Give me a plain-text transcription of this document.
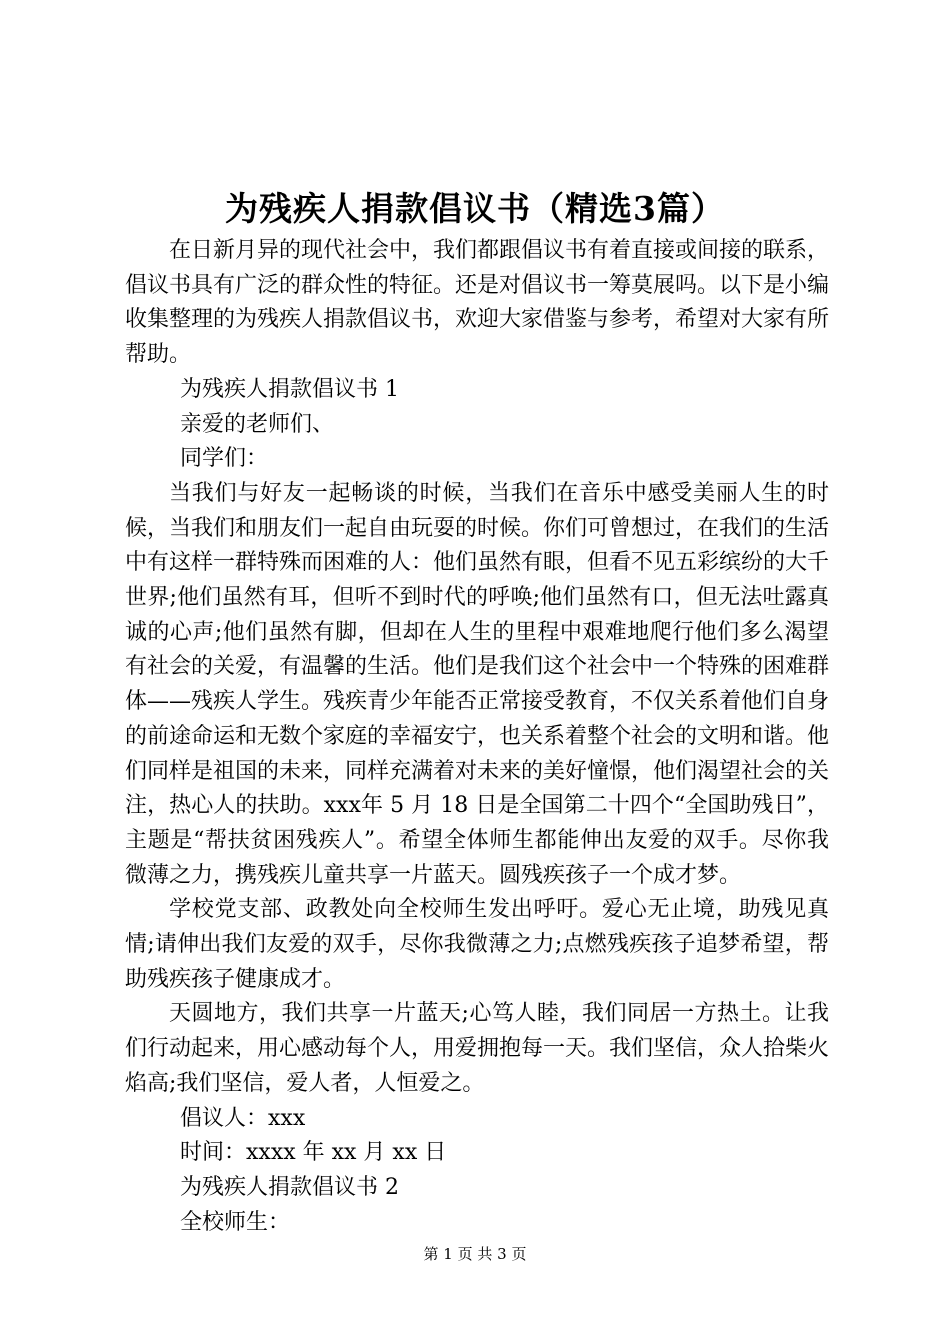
为残疾人捐款倡议书（精选3篇）

在日新月异的现代社会中，我们都跟倡议书有着直接或间接的联系，倡议书具有广泛的群众性的特征。还是对倡议书一筹莫展吗。以下是小编收集整理的为残疾人捐款倡议书，欢迎大家借鉴与参考，希望对大家有所帮助。

为残疾人捐款倡议书 1

亲爱的老师们、

同学们：

当我们与好友一起畅谈的时候，当我们在音乐中感受美丽人生的时候，当我们和朋友们一起自由玩耍的时候。你们可曾想过，在我们的生活中有这样一群特殊而困难的人：他们虽然有眼，但看不见五彩缤纷的大千世界;他们虽然有耳，但听不到时代的呼唤;他们虽然有口，但无法吐露真诚的心声;他们虽然有脚，但却在人生的里程中艰难地爬行他们多么渴望有社会的关爱，有温馨的生活。他们是我们这个社会中一个特殊的困难群体——残疾人学生。残疾青少年能否正常接受教育，不仅关系着他们自身的前途命运和无数个家庭的幸福安宁，也关系着整个社会的文明和谐。他们同样是祖国的未来，同样充满着对未来的美好憧憬，他们渴望社会的关注，热心人的扶助。xxx年 5 月 18 日是全国第二十四个“全国助残日”，主题是“帮扶贫困残疾人”。希望全体师生都能伸出友爱的双手。尽你我微薄之力，携残疾儿童共享一片蓝天。圆残疾孩子一个成才梦。

学校党支部、政教处向全校师生发出呼吁。爱心无止境，助残见真情;请伸出我们友爱的双手，尽你我微薄之力;点燃残疾孩子追梦希望，帮助残疾孩子健康成才。

天圆地方，我们共享一片蓝天;心笃人睦，我们同居一方热土。让我们行动起来，用心感动每个人，用爱拥抱每一天。我们坚信，众人拾柴火焰高;我们坚信，爱人者，人恒爱之。

倡议人：xxx

时间：xxxx 年 xx 月 xx 日

为残疾人捐款倡议书 2

全校师生：

第 1 页 共 3 页
